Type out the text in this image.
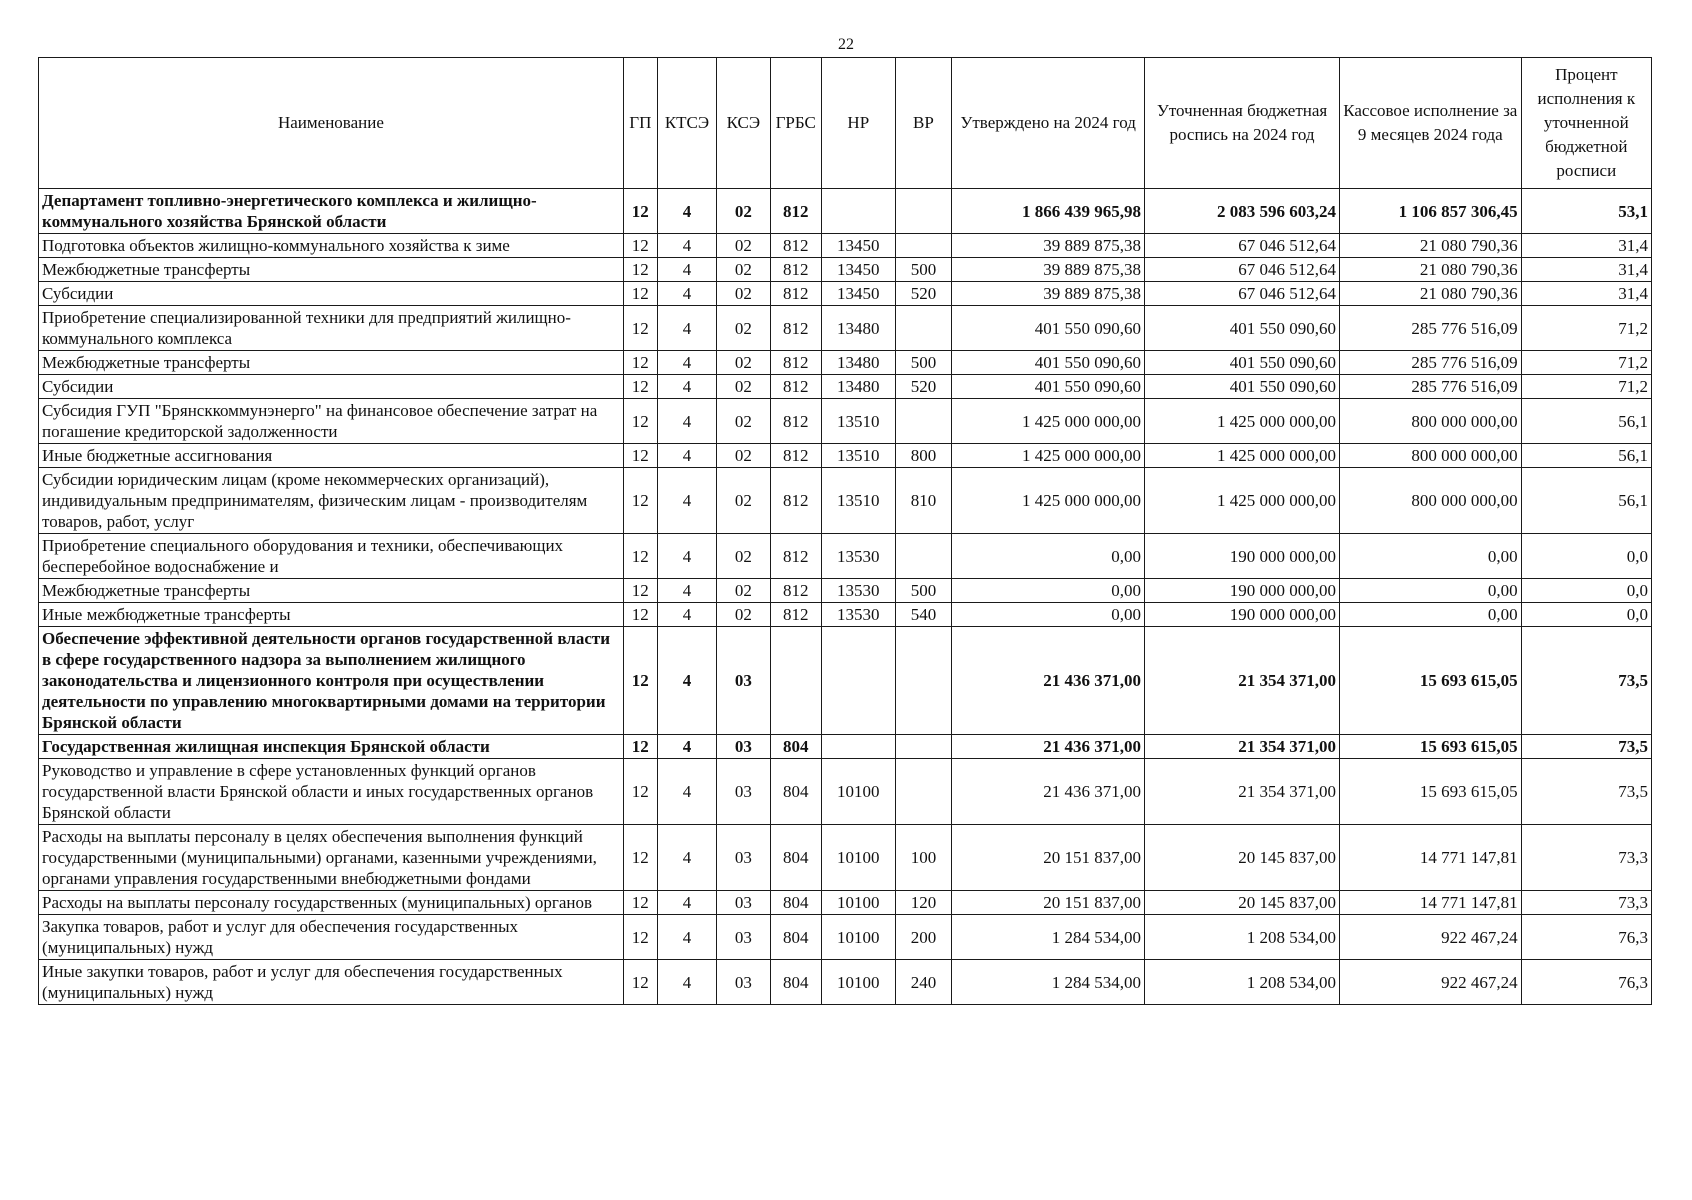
22
Наименование	ГП	КТСЭ	КСЭ	ГРБС	НР	ВР	Утверждено на 2024 год	Уточненная бюджетная роспись на 2024 год	Кассовое исполнение за 9 месяцев 2024 года	Процент исполнения к уточненной бюджетной росписи
Департамент топливно-энергетического комплекса и жилищно-коммунального хозяйства Брянской области	12	4	02	812			1 866 439 965,98	2 083 596 603,24	1 106 857 306,45	53,1
Подготовка объектов жилищно-коммунального хозяйства к зиме	12	4	02	812	13450		39 889 875,38	67 046 512,64	21 080 790,36	31,4
Межбюджетные трансферты	12	4	02	812	13450	500	39 889 875,38	67 046 512,64	21 080 790,36	31,4
Субсидии	12	4	02	812	13450	520	39 889 875,38	67 046 512,64	21 080 790,36	31,4
Приобретение специализированной техники для предприятий жилищно-коммунального комплекса	12	4	02	812	13480		401 550 090,60	401 550 090,60	285 776 516,09	71,2
Межбюджетные трансферты	12	4	02	812	13480	500	401 550 090,60	401 550 090,60	285 776 516,09	71,2
Субсидии	12	4	02	812	13480	520	401 550 090,60	401 550 090,60	285 776 516,09	71,2
Субсидия ГУП "Брянсккоммунэнерго" на финансовое обеспечение затрат на погашение кредиторской задолженности	12	4	02	812	13510		1 425 000 000,00	1 425 000 000,00	800 000 000,00	56,1
Иные бюджетные ассигнования	12	4	02	812	13510	800	1 425 000 000,00	1 425 000 000,00	800 000 000,00	56,1
Субсидии юридическим лицам (кроме некоммерческих организаций), индивидуальным предпринимателям, физическим лицам - производителям товаров, работ, услуг	12	4	02	812	13510	810	1 425 000 000,00	1 425 000 000,00	800 000 000,00	56,1
Приобретение специального оборудования и техники, обеспечивающих бесперебойное водоснабжение и	12	4	02	812	13530		0,00	190 000 000,00	0,00	0,0
Межбюджетные трансферты	12	4	02	812	13530	500	0,00	190 000 000,00	0,00	0,0
Иные межбюджетные трансферты	12	4	02	812	13530	540	0,00	190 000 000,00	0,00	0,0
Обеспечение эффективной деятельности органов государственной власти в сфере государственного надзора за выполнением жилищного законодательства и лицензионного контроля при осуществлении деятельности по управлению многоквартирными домами на территории Брянской области	12	4	03				21 436 371,00	21 354 371,00	15 693 615,05	73,5
Государственная жилищная инспекция Брянской области	12	4	03	804			21 436 371,00	21 354 371,00	15 693 615,05	73,5
Руководство и управление в сфере установленных функций органов государственной власти Брянской области и иных государственных органов Брянской области	12	4	03	804	10100		21 436 371,00	21 354 371,00	15 693 615,05	73,5
Расходы на выплаты персоналу в целях обеспечения выполнения функций государственными (муниципальными) органами, казенными учреждениями, органами управления государственными внебюджетными фондами	12	4	03	804	10100	100	20 151 837,00	20 145 837,00	14 771 147,81	73,3
Расходы на выплаты персоналу государственных (муниципальных) органов	12	4	03	804	10100	120	20 151 837,00	20 145 837,00	14 771 147,81	73,3
Закупка товаров, работ и услуг для обеспечения государственных (муниципальных) нужд	12	4	03	804	10100	200	1 284 534,00	1 208 534,00	922 467,24	76,3
Иные закупки товаров, работ и услуг для обеспечения государственных (муниципальных) нужд	12	4	03	804	10100	240	1 284 534,00	1 208 534,00	922 467,24	76,3
